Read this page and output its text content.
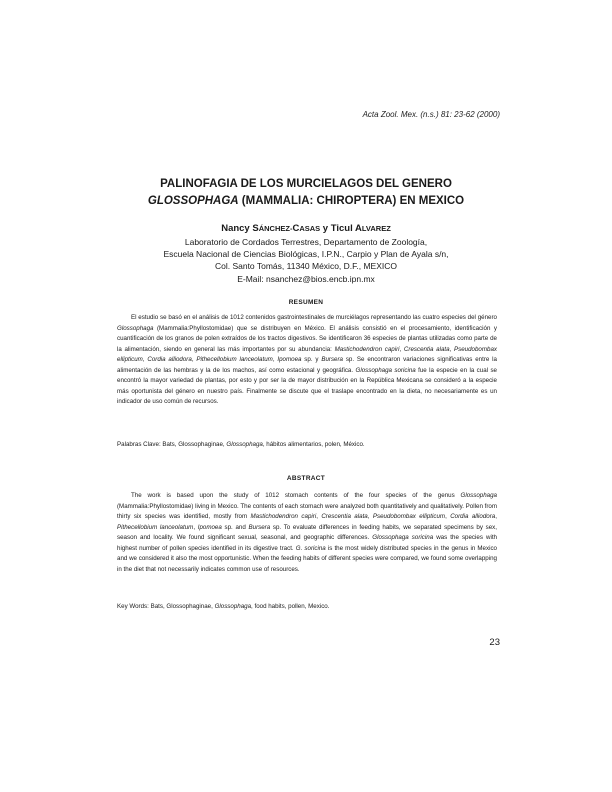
Acta Zool. Mex. (n.s.) 81: 23-62 (2000)
PALINOFAGIA DE LOS MURCIELAGOS DEL GENERO
GLOSSOPHAGA (MAMMALIA: CHIROPTERA) EN MEXICO
Nancy SÁNCHEZ-CASAS y Ticul ALVAREZ
Laboratorio de Cordados Terrestres, Departamento de Zoología,
Escuela Nacional de Ciencias Biológicas, I.P.N., Carpio y Plan de Ayala s/n,
Col. Santo Tomás, 11340 México, D.F., MEXICO
E-Mail: nsanchez@bios.encb.ipn.mx
RESUMEN

El estudio se basó en el análisis de 1012 contenidos gastrointestinales de murciélagos representando las cuatro especies del género Glossophaga (Mammalia:Phyllostomidae) que se distribuyen en México. El análisis consistió en el procesamiento, identificación y cuantificación de los granos de polen extraídos de los tractos digestivos. Se identificaron 36 especies de plantas utilizadas como parte de la alimentación, siendo en general las más importantes por su abundancia: Mastichodendron capiri, Crescentia alata, Pseudobombax ellipticum, Cordia alliodora, Pithecellobium lanceolatum, Ipomoea sp. y Bursera sp. Se encontraron variaciones significativas entre la alimentación de las hembras y la de los machos, así como estacional y geográfica. Glossophaga soricina fue la especie en la cual se encontró la mayor variedad de plantas, por esto y por ser la de mayor distribución en la República Mexicana se consideró a la especie más oportunista del género en nuestro país. Finalmente se discute que el traslape encontrado en la dieta, no necesariamente es un indicador de uso común de recursos.

Palabras Clave: Bats, Glossophaginae, Glossophaga, hábitos alimentarios, polen, México.
ABSTRACT

The work is based upon the study of 1012 stomach contents of the four species of the genus Glossophaga (Mammalia:Phyllostomidae) living in Mexico. The contents of each stomach were analyzed both quantitatively and qualitatively. Pollen from thirty six species was identified, mostly from Mastichodendron capiri, Crescentia alata, Pseudobombax ellipticum, Cordia alliodora, Pithecellobium lanceolatum, Ipomoea sp. and Bursera sp. To evaluate differences in feeding habits, we separated specimens by sex, season and locality. We found significant sexual, seasonal, and geographic differences. Glossophaga soricina was the species with highest number of pollen species identified in its digestive tract. G. soricina is the most widely distributed species in the genus in Mexico and we considered it also the most opportunistic. When the feeding habits of different species were compared, we found some overlapping in the diet that not necessarily indicates common use of resources.

Key Words: Bats, Glossophaginae, Glossophaga, food habits, pollen, Mexico.
23
